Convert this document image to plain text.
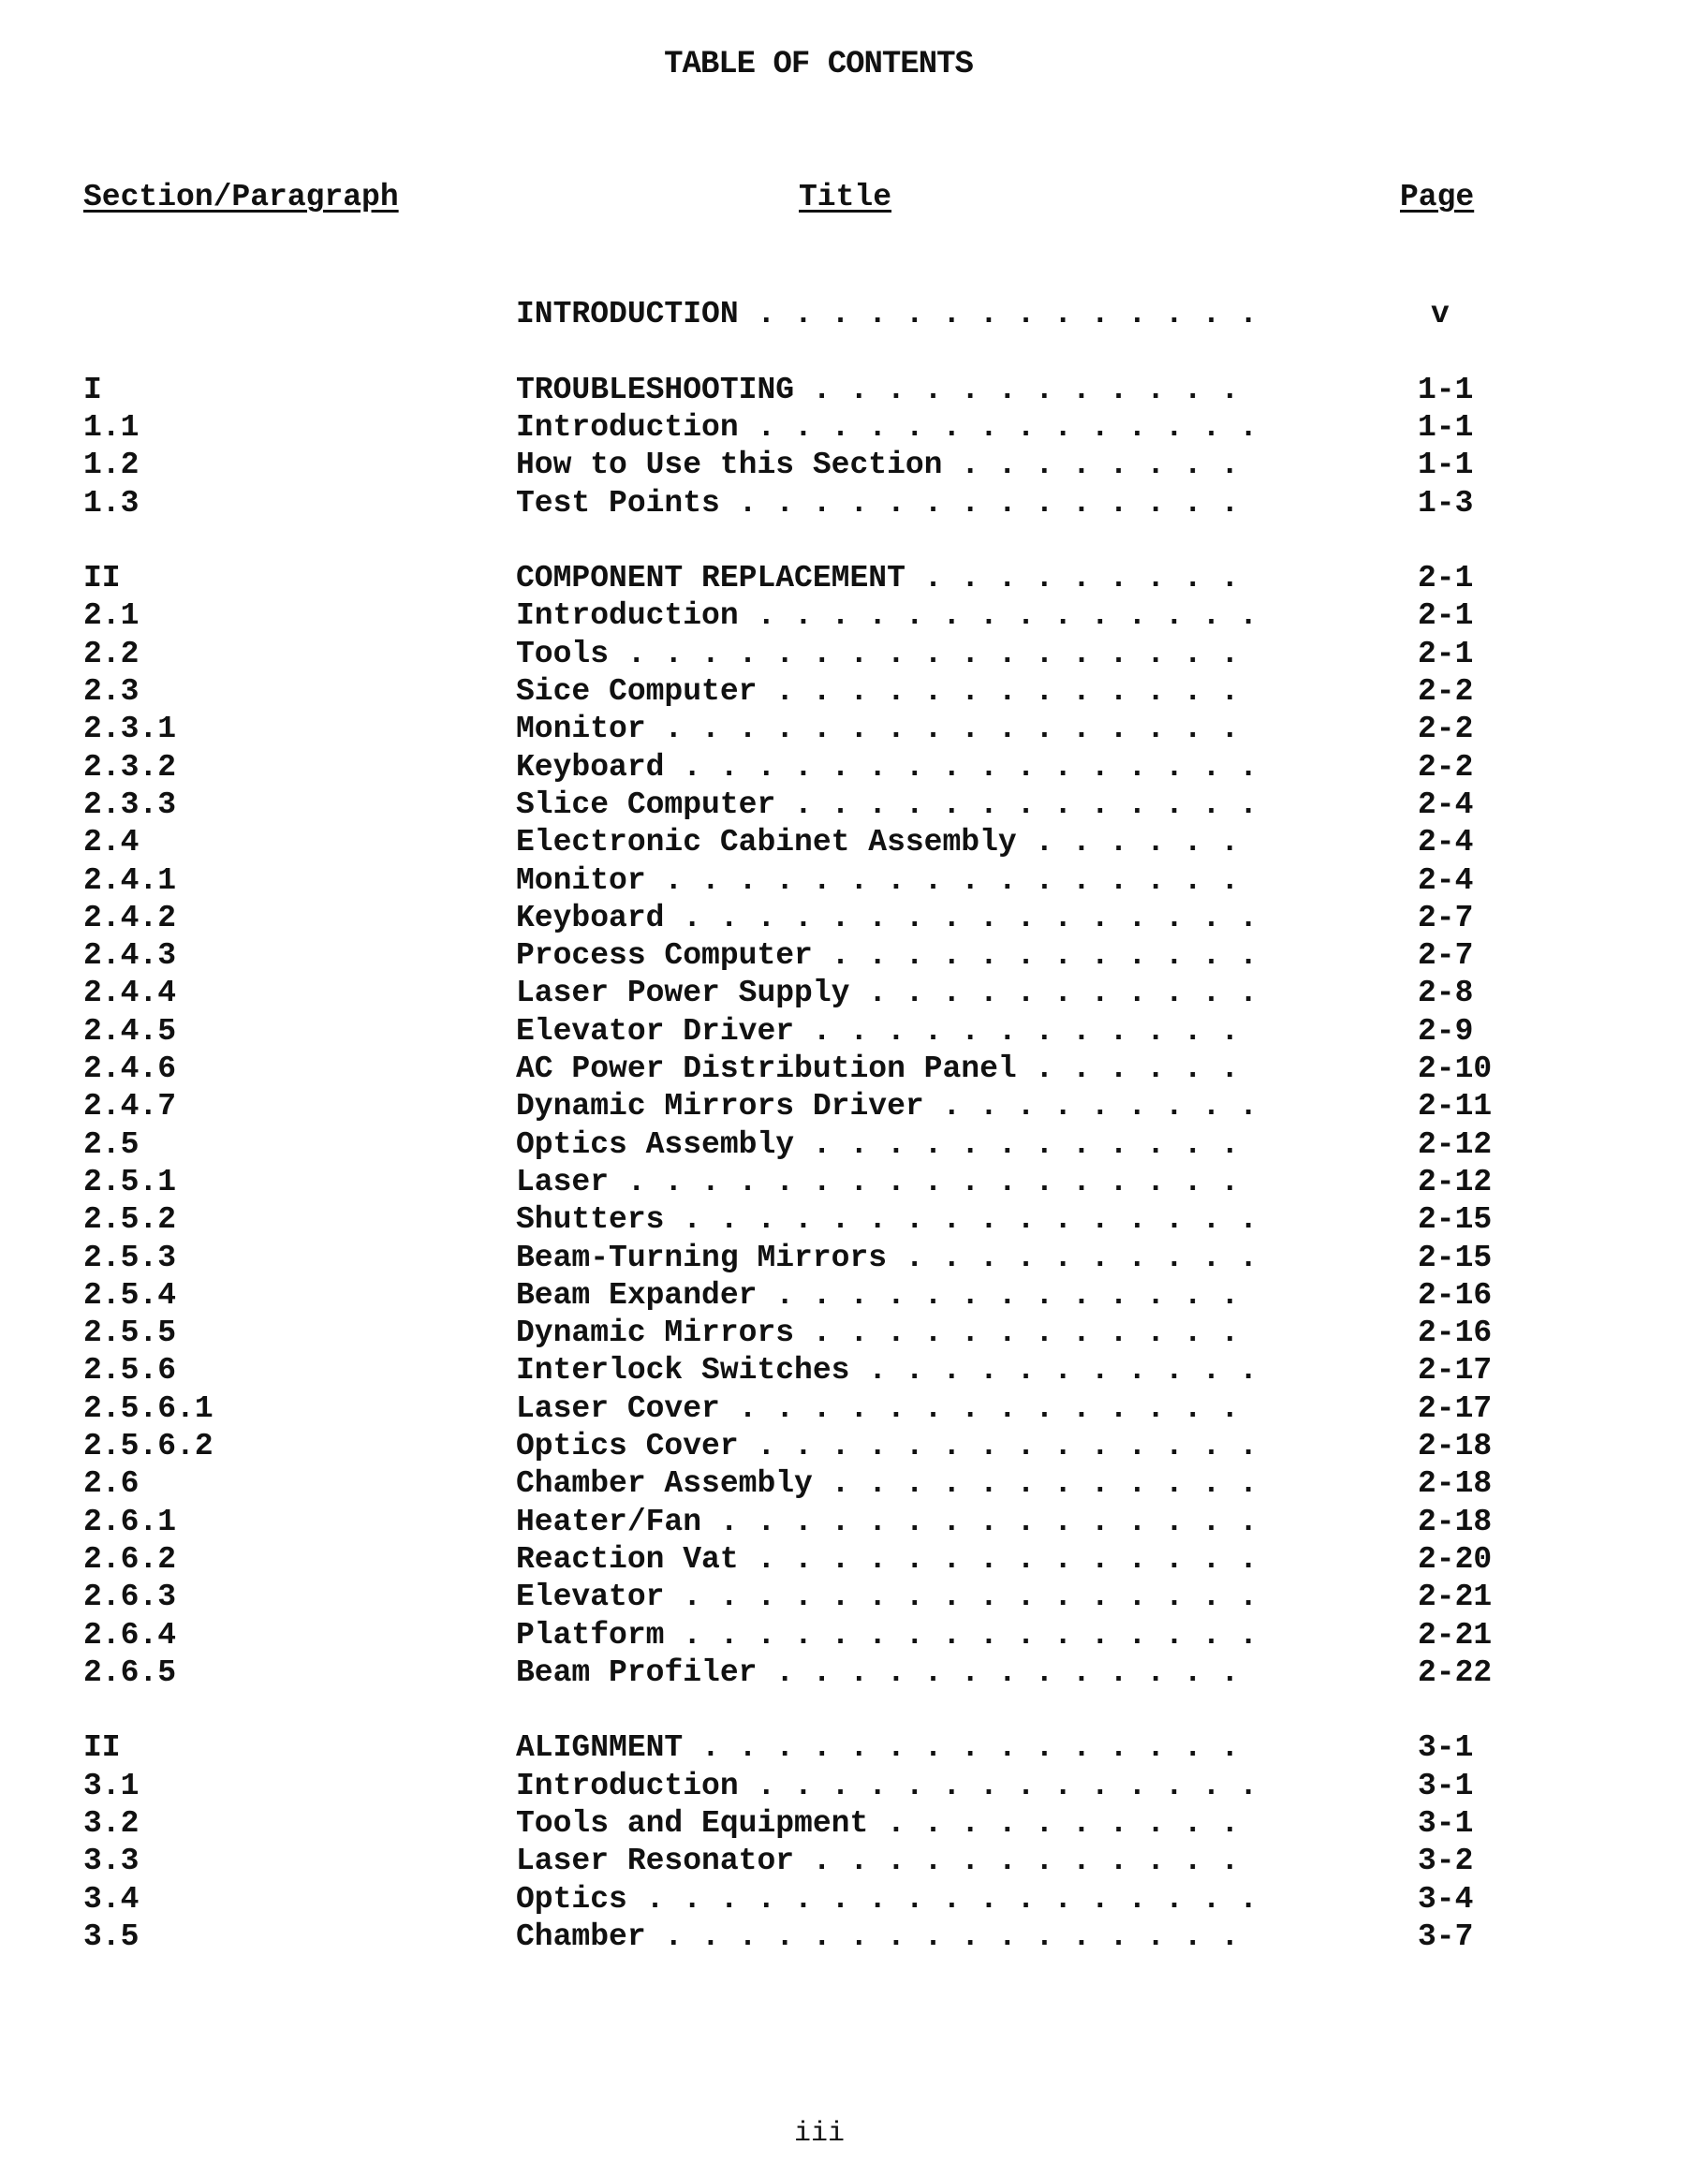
TABLE OF CONTENTS
Section/Paragraph	Title	Page
INTRODUCTION . . . . . . . . . . . . . .	v
I	TROUBLESHOOTING . . . . . . . . . . . .	1-1
1.1	Introduction . . . . . . . . . . . . . .	1-1
1.2	How to Use this Section . . . . . . . .	1-1
1.3	Test Points . . . . . . . . . . . . . .	1-3
II	COMPONENT REPLACEMENT . . . . . . . . .	2-1
2.1	Introduction . . . . . . . . . . . . . .	2-1
2.2	Tools . . . . . . . . . . . . . . . . .	2-1
2.3	Sice Computer . . . . . . . . . . . . .	2-2
2.3.1	Monitor . . . . . . . . . . . . . . . .	2-2
2.3.2	Keyboard . . . . . . . . . . . . . . . .	2-2
2.3.3	Slice Computer . . . . . . . . . . . . .	2-4
2.4	Electronic Cabinet Assembly . . . . . .	2-4
2.4.1	Monitor . . . . . . . . . . . . . . . .	2-4
2.4.2	Keyboard . . . . . . . . . . . . . . . .	2-7
2.4.3	Process Computer . . . . . . . . . . . .	2-7
2.4.4	Laser Power Supply . . . . . . . . . . .	2-8
2.4.5	Elevator Driver . . . . . . . . . . . .	2-9
2.4.6	AC Power Distribution Panel . . . . . .	2-10
2.4.7	Dynamic Mirrors Driver . . . . . . . . .	2-11
2.5	Optics Assembly . . . . . . . . . . . .	2-12
2.5.1	Laser . . . . . . . . . . . . . . . . .	2-12
2.5.2	Shutters . . . . . . . . . . . . . . . .	2-15
2.5.3	Beam-Turning Mirrors . . . . . . . . . .	2-15
2.5.4	Beam Expander . . . . . . . . . . . . .	2-16
2.5.5	Dynamic Mirrors . . . . . . . . . . . .	2-16
2.5.6	Interlock Switches . . . . . . . . . . .	2-17
2.5.6.1	Laser Cover . . . . . . . . . . . . . .	2-17
2.5.6.2	Optics Cover . . . . . . . . . . . . . .	2-18
2.6	Chamber Assembly . . . . . . . . . . . .	2-18
2.6.1	Heater/Fan . . . . . . . . . . . . . . .	2-18
2.6.2	Reaction Vat . . . . . . . . . . . . . .	2-20
2.6.3	Elevator . . . . . . . . . . . . . . . .	2-21
2.6.4	Platform . . . . . . . . . . . . . . . .	2-21
2.6.5	Beam Profiler . . . . . . . . . . . . .	2-22
II	ALIGNMENT . . . . . . . . . . . . . . .	3-1
3.1	Introduction . . . . . . . . . . . . . .	3-1
3.2	Tools and Equipment . . . . . . . . . .	3-1
3.3	Laser Resonator . . . . . . . . . . . .	3-2
3.4	Optics . . . . . . . . . . . . . . . . .	3-4
3.5	Chamber . . . . . . . . . . . . . . . .	3-7
iii
